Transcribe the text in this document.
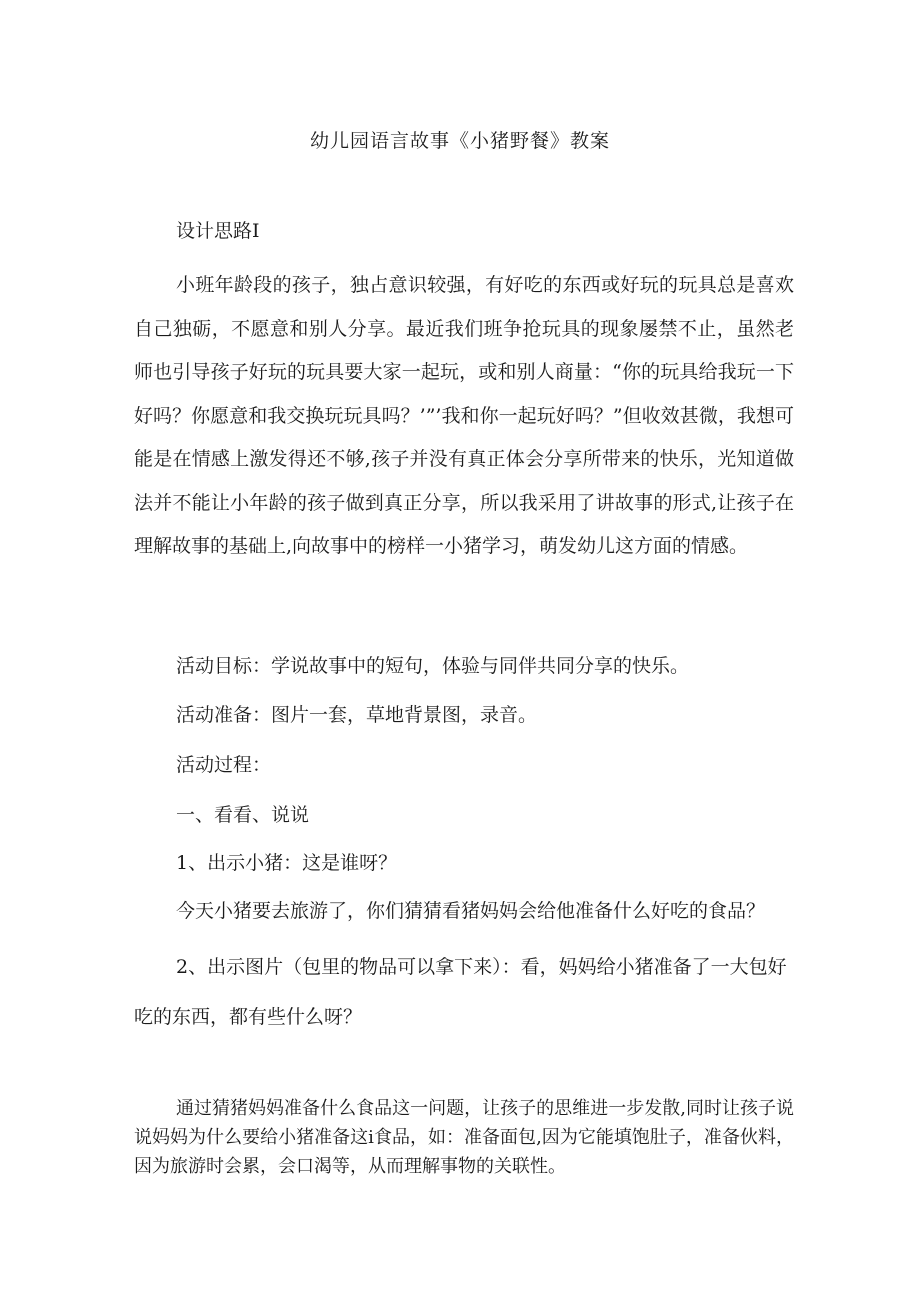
幼儿园语言故事《小猪野餐》教案

设计思路I

小班年龄段的孩子，独占意识较强，有好吃的东西或好玩的玩具总是喜欢自己独砺，不愿意和别人分享。最近我们班争抢玩具的现象屡禁不止，虽然老师也引导孩子好玩的玩具要大家一起玩，或和别人商量：“你的玩具给我玩一下好吗？你愿意和我交换玩玩具吗？’”’我和你一起玩好吗？”但收效甚微，我想可能是在情感上激发得还不够,孩子并没有真正体会分享所带来的快乐，光知道做法并不能让小年龄的孩子做到真正分享，所以我采用了讲故事的形式,让孩子在理解故事的基础上,向故事中的榜样一小猪学习，萌发幼儿这方面的情感。

活动目标：学说故事中的短句，体验与同伴共同分享的快乐。

活动准备：图片一套，草地背景图，录音。

活动过程：

一、看看、说说

1、出示小猪：这是谁呀？

今天小猪要去旅游了，你们猜猜看猪妈妈会给他准备什么好吃的食品？

2、出示图片（包里的物品可以拿下来）：看，妈妈给小猪准备了一大包好吃的东西，都有些什么呀？

通过猜猪妈妈准备什么食品这一问题，让孩子的思维进一步发散,同时让孩子说说妈妈为什么要给小猪准备这i食品，如：准备面包,因为它能填饱肚子，准备伙料，因为旅游时会累，会口渴等，从而理解事物的关联性。
